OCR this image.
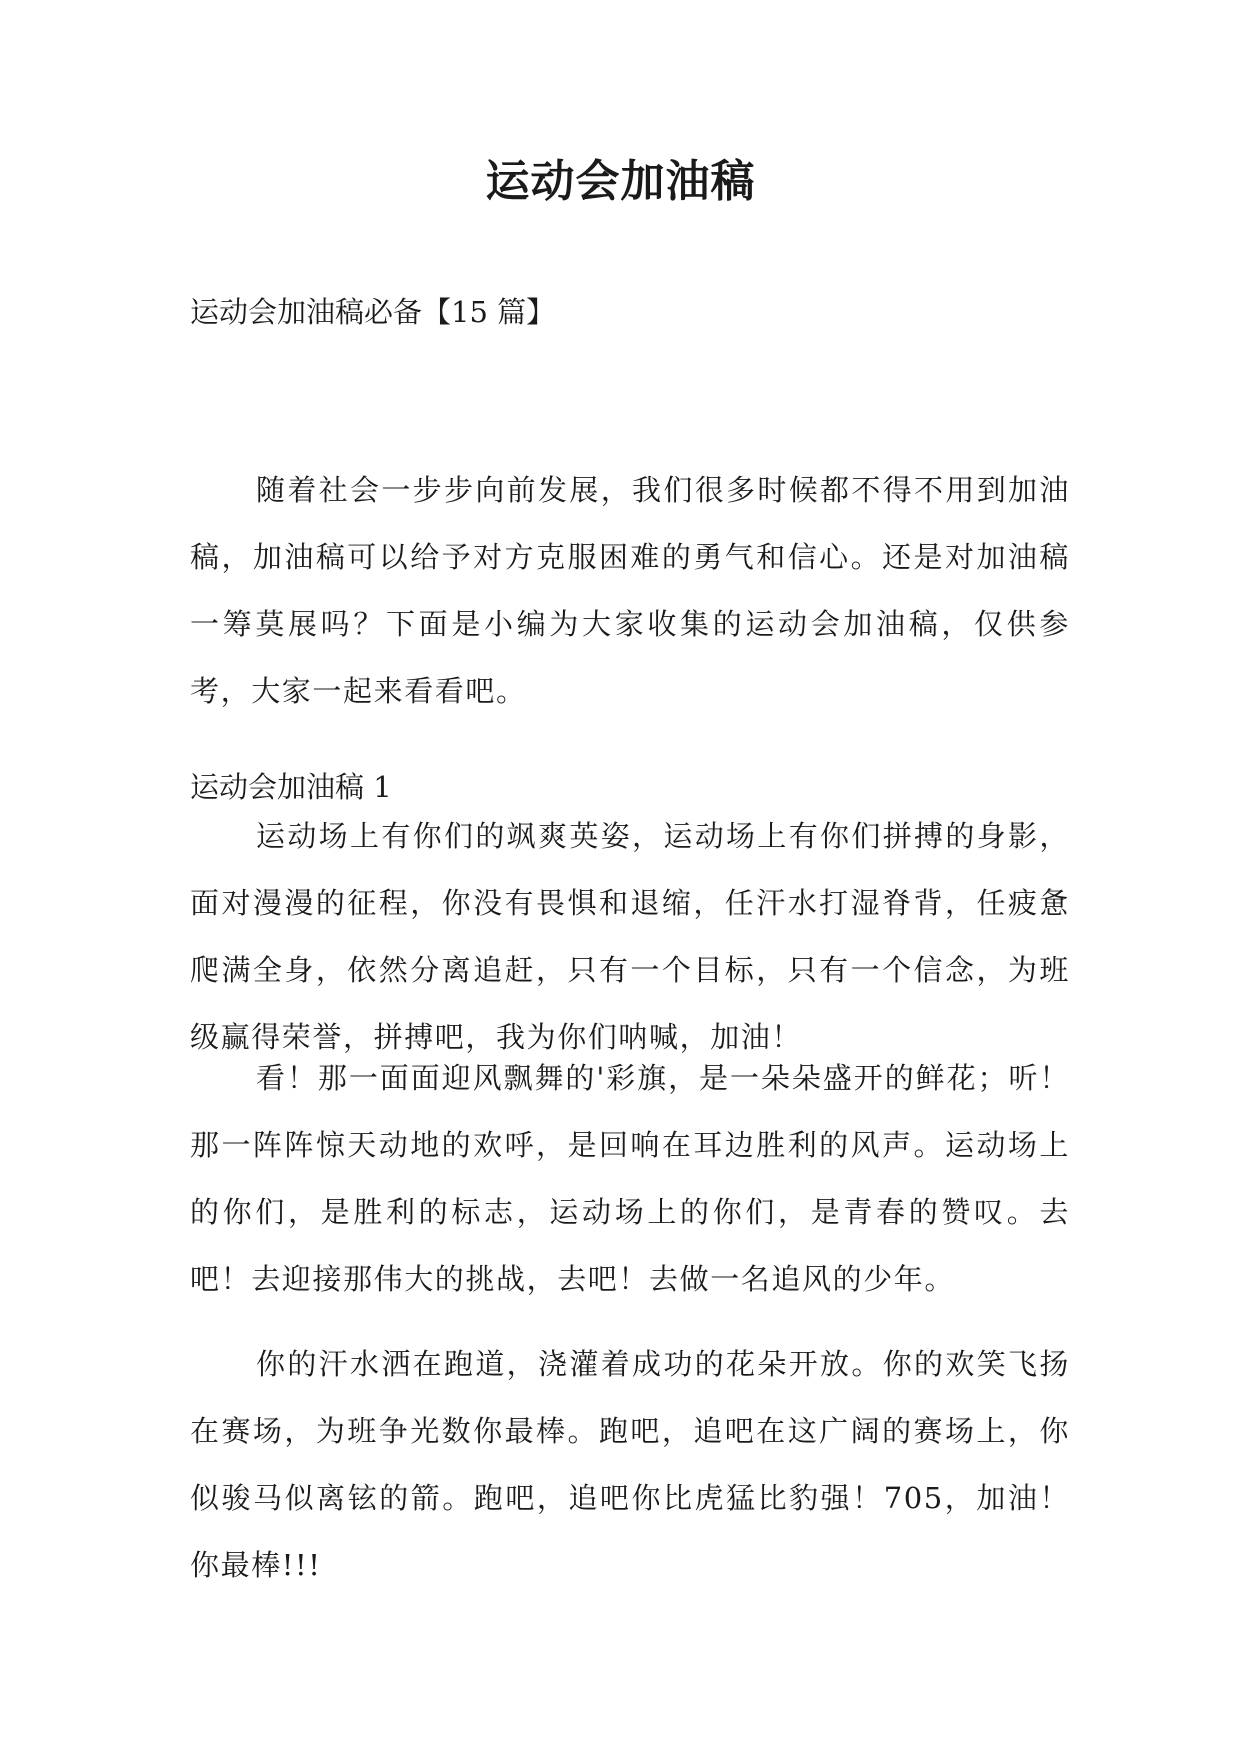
运动会加油稿

运动会加油稿必备【15 篇】

随着社会一步步向前发展，我们很多时候都不得不用到加油稿，加油稿可以给予对方克服困难的勇气和信心。还是对加油稿一筹莫展吗？下面是小编为大家收集的运动会加油稿，仅供参考，大家一起来看看吧。

运动会加油稿 1

运动场上有你们的飒爽英姿，运动场上有你们拼搏的身影，面对漫漫的征程，你没有畏惧和退缩，任汗水打湿脊背，任疲惫爬满全身，依然分离追赶，只有一个目标，只有一个信念，为班级赢得荣誉，拼搏吧，我为你们呐喊，加油！

看！那一面面迎风飘舞的'彩旗，是一朵朵盛开的鲜花；听！那一阵阵惊天动地的欢呼，是回响在耳边胜利的风声。运动场上的你们，是胜利的标志，运动场上的你们，是青春的赞叹。去吧！去迎接那伟大的挑战，去吧！去做一名追风的少年。

你的汗水洒在跑道，浇灌着成功的花朵开放。你的欢笑飞扬在赛场，为班争光数你最棒。跑吧，追吧在这广阔的赛场上，你似骏马似离铉的箭。跑吧，追吧你比虎猛比豹强！705，加油！你最棒!!!
